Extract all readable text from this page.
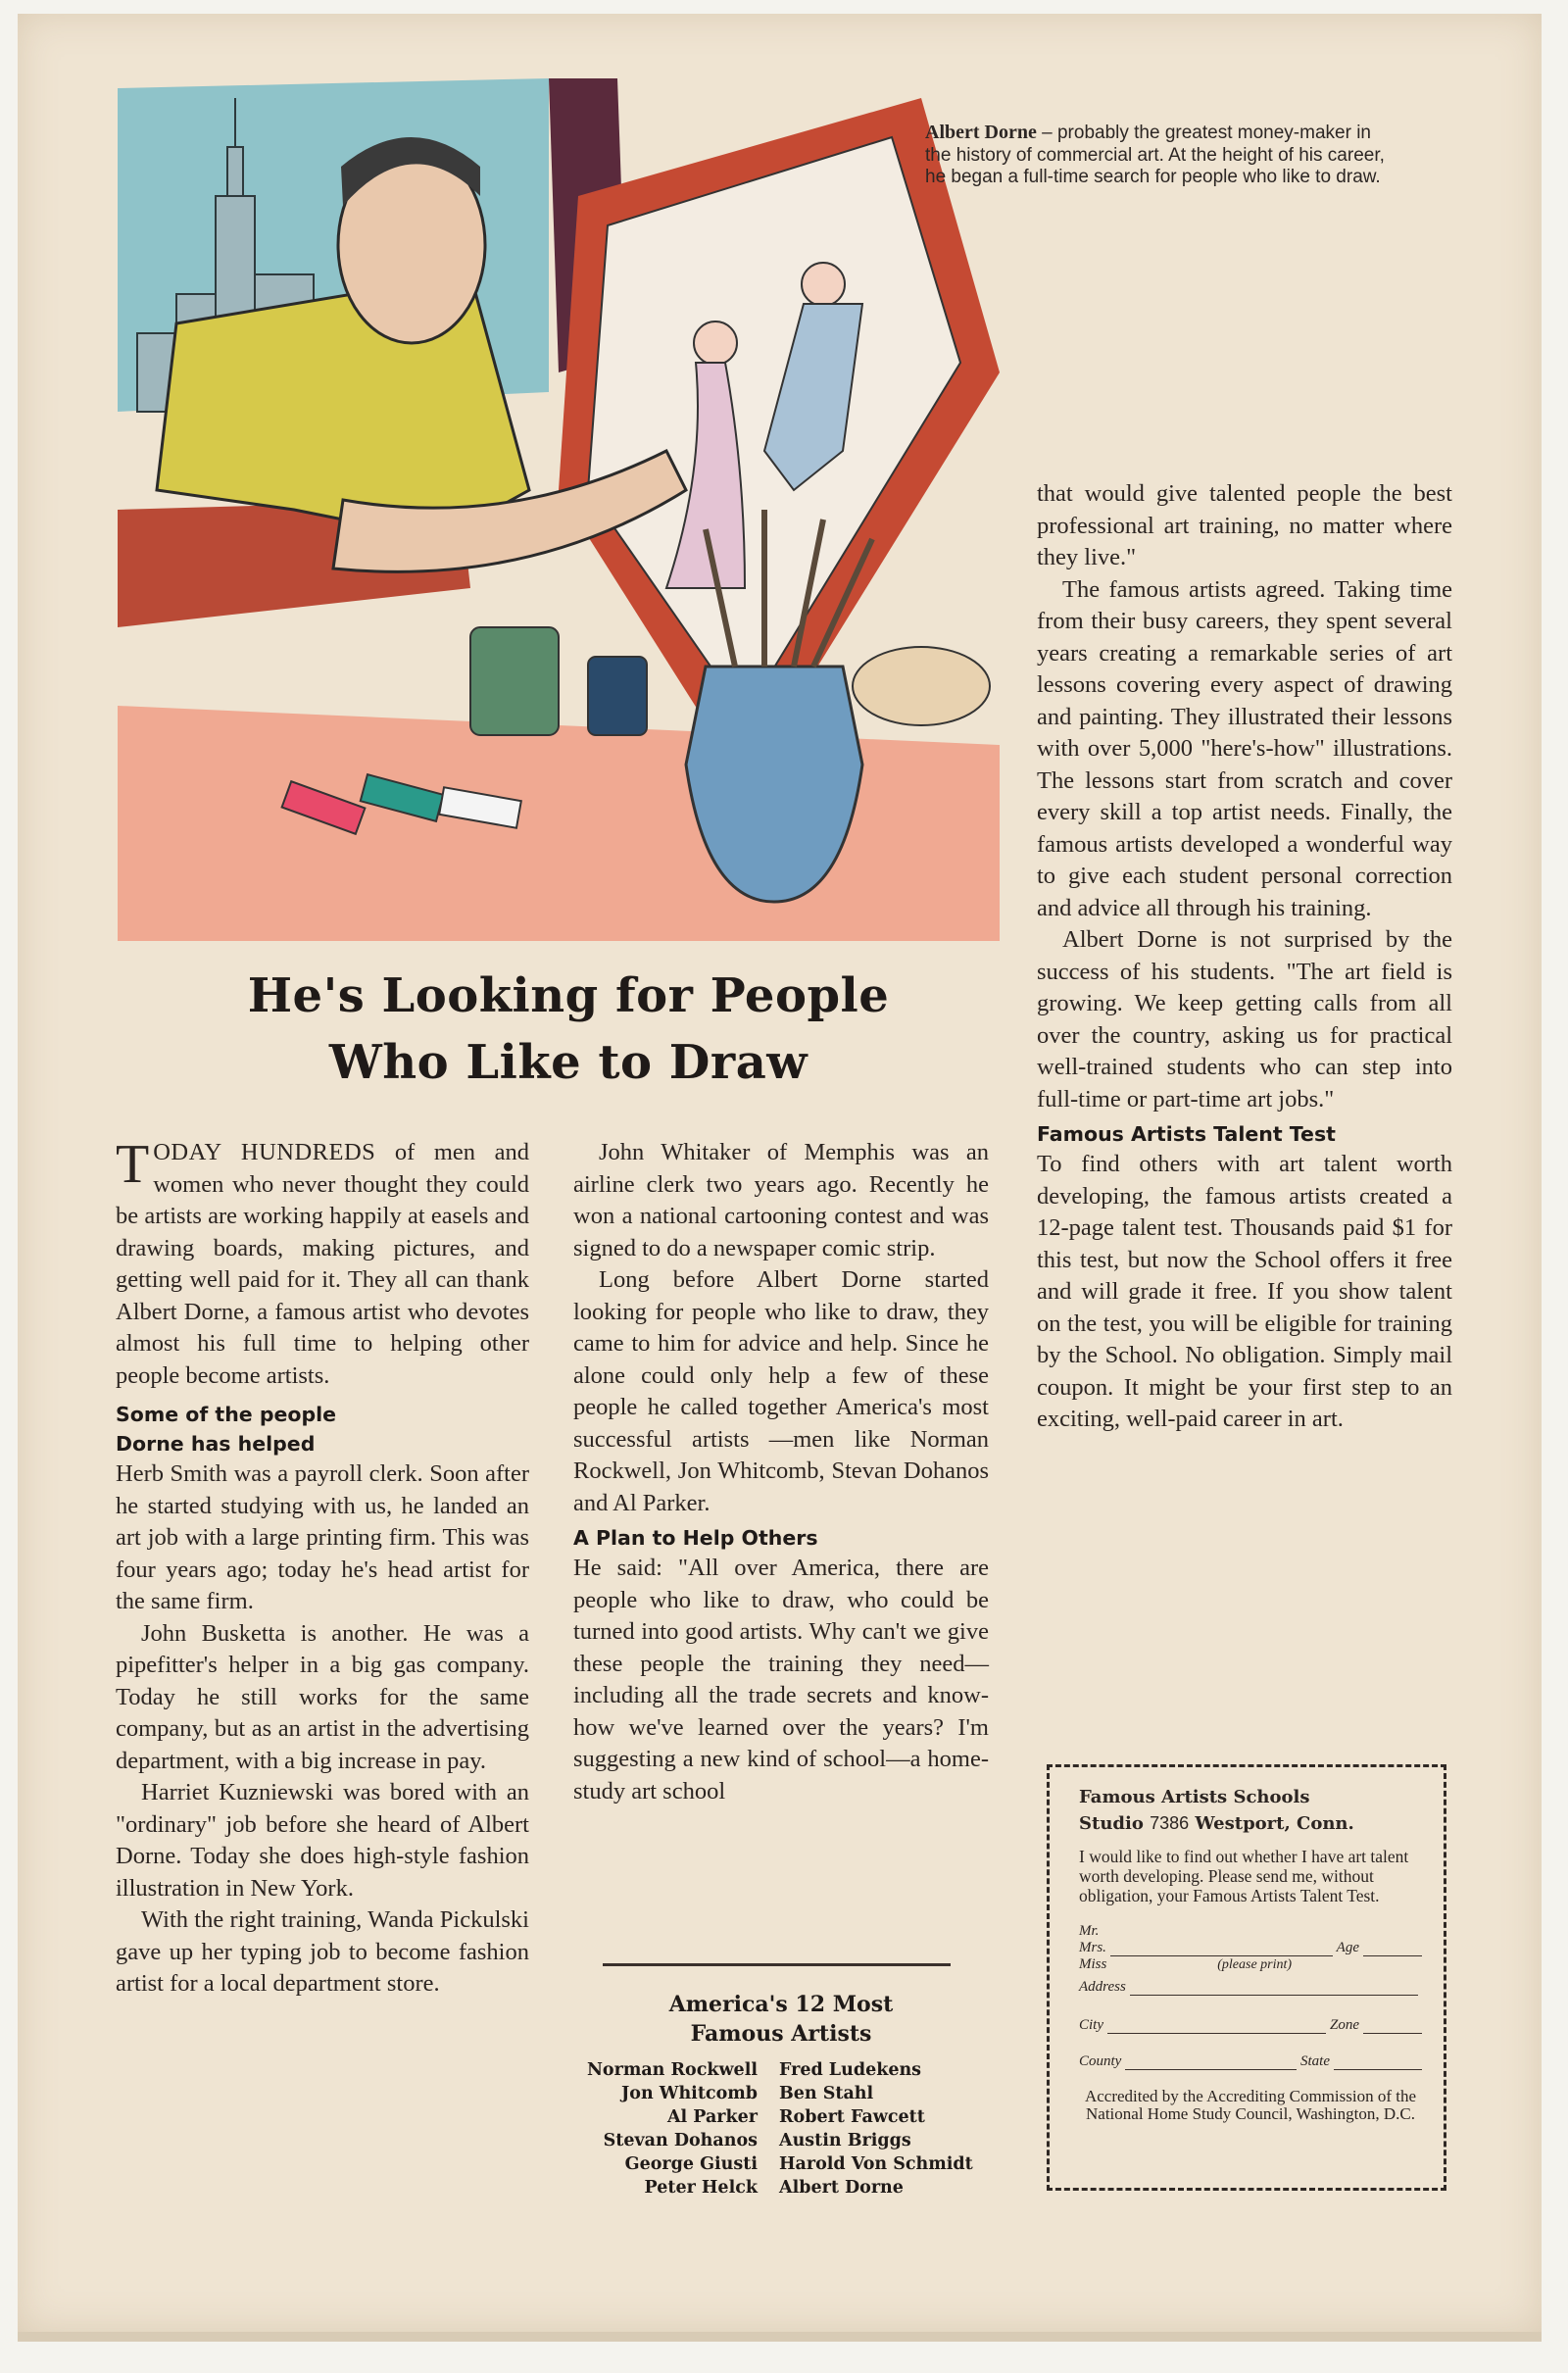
Albert Dorne – probably the greatest money-maker in the history of commercial art. At the height of his career, he began a full-time search for people who like to draw.
He's Looking for People
Who Like to Draw

TODAY HUNDREDS of men and women who never thought they could be artists are working happily at easels and drawing boards, making pictures, and getting well paid for it. They all can thank Albert Dorne, a famous artist who devotes almost his full time to helping other people become artists.

Some of the people
Dorne has helped

Herb Smith was a payroll clerk. Soon after he started studying with us, he landed an art job with a large printing firm. This was four years ago; today he's head artist for the same firm.

John Busketta is another. He was a pipefitter's helper in a big gas company. Today he still works for the same company, but as an artist in the advertising department, with a big increase in pay.

Harriet Kuzniewski was bored with an "ordinary" job before she heard of Albert Dorne. Today she does high-style fashion illustration in New York.

With the right training, Wanda Pickulski gave up her typing job to become fashion artist for a local department store.

John Whitaker of Memphis was an airline clerk two years ago. Recently he won a national cartooning contest and was signed to do a newspaper comic strip.

Long before Albert Dorne started looking for people who like to draw, they came to him for advice and help. Since he alone could only help a few of these people he called together America's most successful artists —men like Norman Rockwell, Jon Whitcomb, Stevan Dohanos and Al Parker.

A Plan to Help Others

He said: "All over America, there are people who like to draw, who could be turned into good artists. Why can't we give these people the training they need—including all the trade secrets and know-how we've learned over the years? I'm suggesting a new kind of school—a home-study art school

America's 12 Most
Famous Artists
Norman Rockwell	Fred Ludekens
Jon Whitcomb	Ben Stahl
Al Parker	Robert Fawcett
Stevan Dohanos	Austin Briggs
George Giusti	Harold Von Schmidt
Peter Helck	Albert Dorne

that would give talented people the best professional art training, no matter where they live."

The famous artists agreed. Taking time from their busy careers, they spent several years creating a remarkable series of art lessons covering every aspect of drawing and painting. They illustrated their lessons with over 5,000 "here's-how" illustrations. The lessons start from scratch and cover every skill a top artist needs. Finally, the famous artists developed a wonderful way to give each student personal correction and advice all through his training.

Albert Dorne is not surprised by the success of his students. "The art field is growing. We keep getting calls from all over the country, asking us for practical well-trained students who can step into full-time or part-time art jobs."

Famous Artists Talent Test

To find others with art talent worth developing, the famous artists created a 12-page talent test. Thousands paid $1 for this test, but now the School offers it free and will grade it free. If you show talent on the test, you will be eligible for training by the School. No obligation. Simply mail coupon. It might be your first step to an exciting, well-paid career in art.

Famous Artists Schools
Studio 7386 Westport, Conn.
I would like to find out whether I have art talent worth developing. Please send me, without obligation, your Famous Artists Talent Test.
Mr.
Mrs.	Age
Miss	(please print)
Address
City	Zone
County	State
Accredited by the Accrediting Commission of the National Home Study Council, Washington, D.C.
